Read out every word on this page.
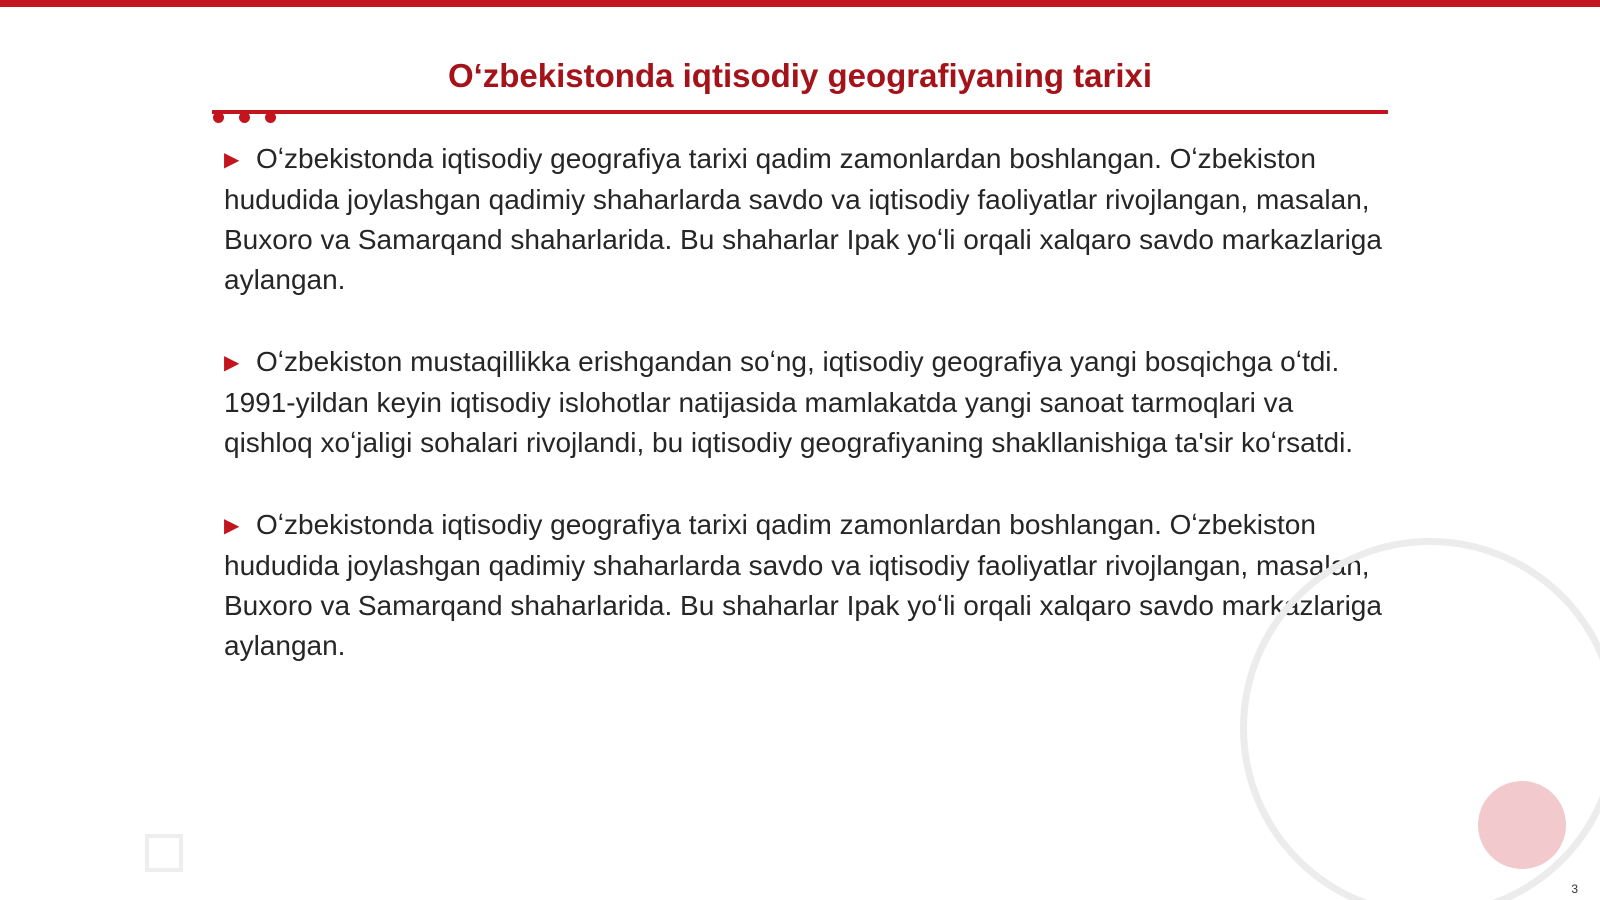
Oʻzbekistonda iqtisodiy geografiyaning tarixi

▶ Oʻzbekistonda iqtisodiy geografiya tarixi qadim zamonlardan boshlangan. Oʻzbekiston hududida joylashgan qadimiy shaharlarda savdo va iqtisodiy faoliyatlar rivojlangan, masalan, Buxoro va Samarqand shaharlarida. Bu shaharlar Ipak yoʻli orqali xalqaro savdo markazlariga aylangan.

▶ Oʻzbekiston mustaqillikka erishgandan soʻng, iqtisodiy geografiya yangi bosqichga oʻtdi. 1991-yildan keyin iqtisodiy islohotlar natijasida mamlakatda yangi sanoat tarmoqlari va qishloq xoʻjaligi sohalari rivojlandi, bu iqtisodiy geografiyaning shakllanishiga ta'sir koʻrsatdi.

▶ Oʻzbekistonda iqtisodiy geografiya tarixi qadim zamonlardan boshlangan. Oʻzbekiston hududida joylashgan qadimiy shaharlarda savdo va iqtisodiy faoliyatlar rivojlangan, masalan, Buxoro va Samarqand shaharlarida. Bu shaharlar Ipak yoʻli orqali xalqaro savdo markazlariga aylangan.

3
